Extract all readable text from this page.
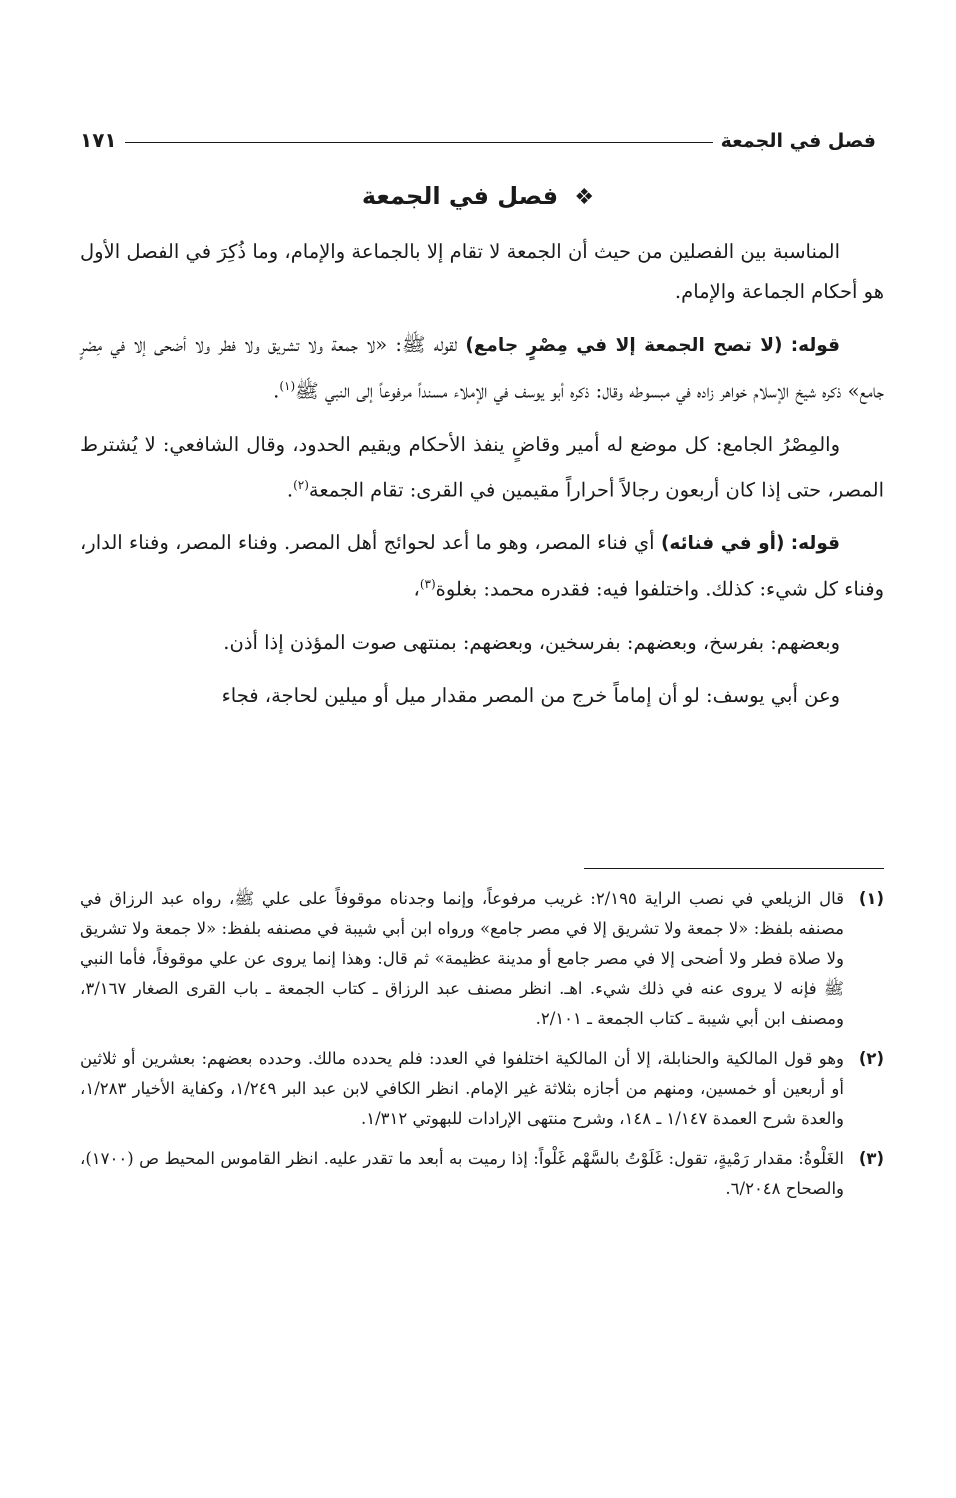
فصل في الجمعة
١٧١
❖ فصل في الجمعة

المناسبة بين الفصلين من حيث أن الجمعة لا تقام إلا بالجماعة والإمام، وما ذُكِرَ في الفصل الأول هو أحكام الجماعة والإمام.

قوله: (لا تصح الجمعة إلا في مِصْرٍ جامع) لقوله ﷺ: «لا جمعة ولا تشريق ولا فطر ولا أضحى إلا في مِصْرٍ جامع» ذكره شيخ الإسلام خواهر زاده في مبسوطه وقال: ذكره أبو يوسف في الإملاء مسنداً مرفوعاً إلى النبي ﷺ$^{(١)}$.

والمِصْرُ الجامع: كل موضع له أمير وقاضٍ ينفذ الأحكام ويقيم الحدود، وقال الشافعي: لا يُشترط المصر، حتى إذا كان أربعون رجالاً أحراراً مقيمين في القرى: تقام الجمعة$^{(٢)}$.

قوله: (أو في فنائه) أي فناء المصر، وهو ما أعد لحوائج أهل المصر. وفناء المصر، وفناء الدار، وفناء كل شيء: كذلك. واختلفوا فيه: فقدره محمد: بغلوة$^{(٣)}$،

وبعضهم: بفرسخ، وبعضهم: بفرسخين، وبعضهم: بمنتهى صوت المؤذن إذا أذن.

وعن أبي يوسف: لو أن إماماً خرج من المصر مقدار ميل أو ميلين لحاجة، فجاء

(١)
قال الزيلعي في نصب الراية ٢/١٩٥: غريب مرفوعاً، وإنما وجدناه موقوفاً على علي ﷺ، رواه عبد الرزاق في مصنفه بلفظ: «لا جمعة ولا تشريق إلا في مصر جامع» ورواه ابن أبي شيبة في مصنفه بلفظ: «لا جمعة ولا تشريق ولا صلاة فطر ولا أضحى إلا في مصر جامع أو مدينة عظيمة» ثم قال: وهذا إنما يروى عن علي موقوفاً، فأما النبي ﷺ فإنه لا يروى عنه في ذلك شيء. اهـ. انظر مصنف عبد الرزاق ـ كتاب الجمعة ـ باب القرى الصغار ٣/١٦٧، ومصنف ابن أبي شيبة ـ كتاب الجمعة ـ ٢/١٠١.
(٢)
وهو قول المالكية والحنابلة، إلا أن المالكية اختلفوا في العدد: فلم يحدده مالك. وحدده بعضهم: بعشرين أو ثلاثين أو أربعين أو خمسين، ومنهم من أجازه بثلاثة غير الإمام. انظر الكافي لابن عبد البر ١/٢٤٩، وكفاية الأخيار ١/٢٨٣، والعدة شرح العمدة ١/١٤٧ ـ ١٤٨، وشرح منتهى الإرادات للبهوتي ١/٣١٢.
(٣)
الغَلْوةُ: مقدار رَمْيةٍ، تقول: غَلَوْتُ بالسَّهْم غَلْواً: إذا رميت به أبعد ما تقدر عليه. انظر القاموس المحيط ص (١٧٠٠)، والصحاح ٦/٢٠٤٨.
